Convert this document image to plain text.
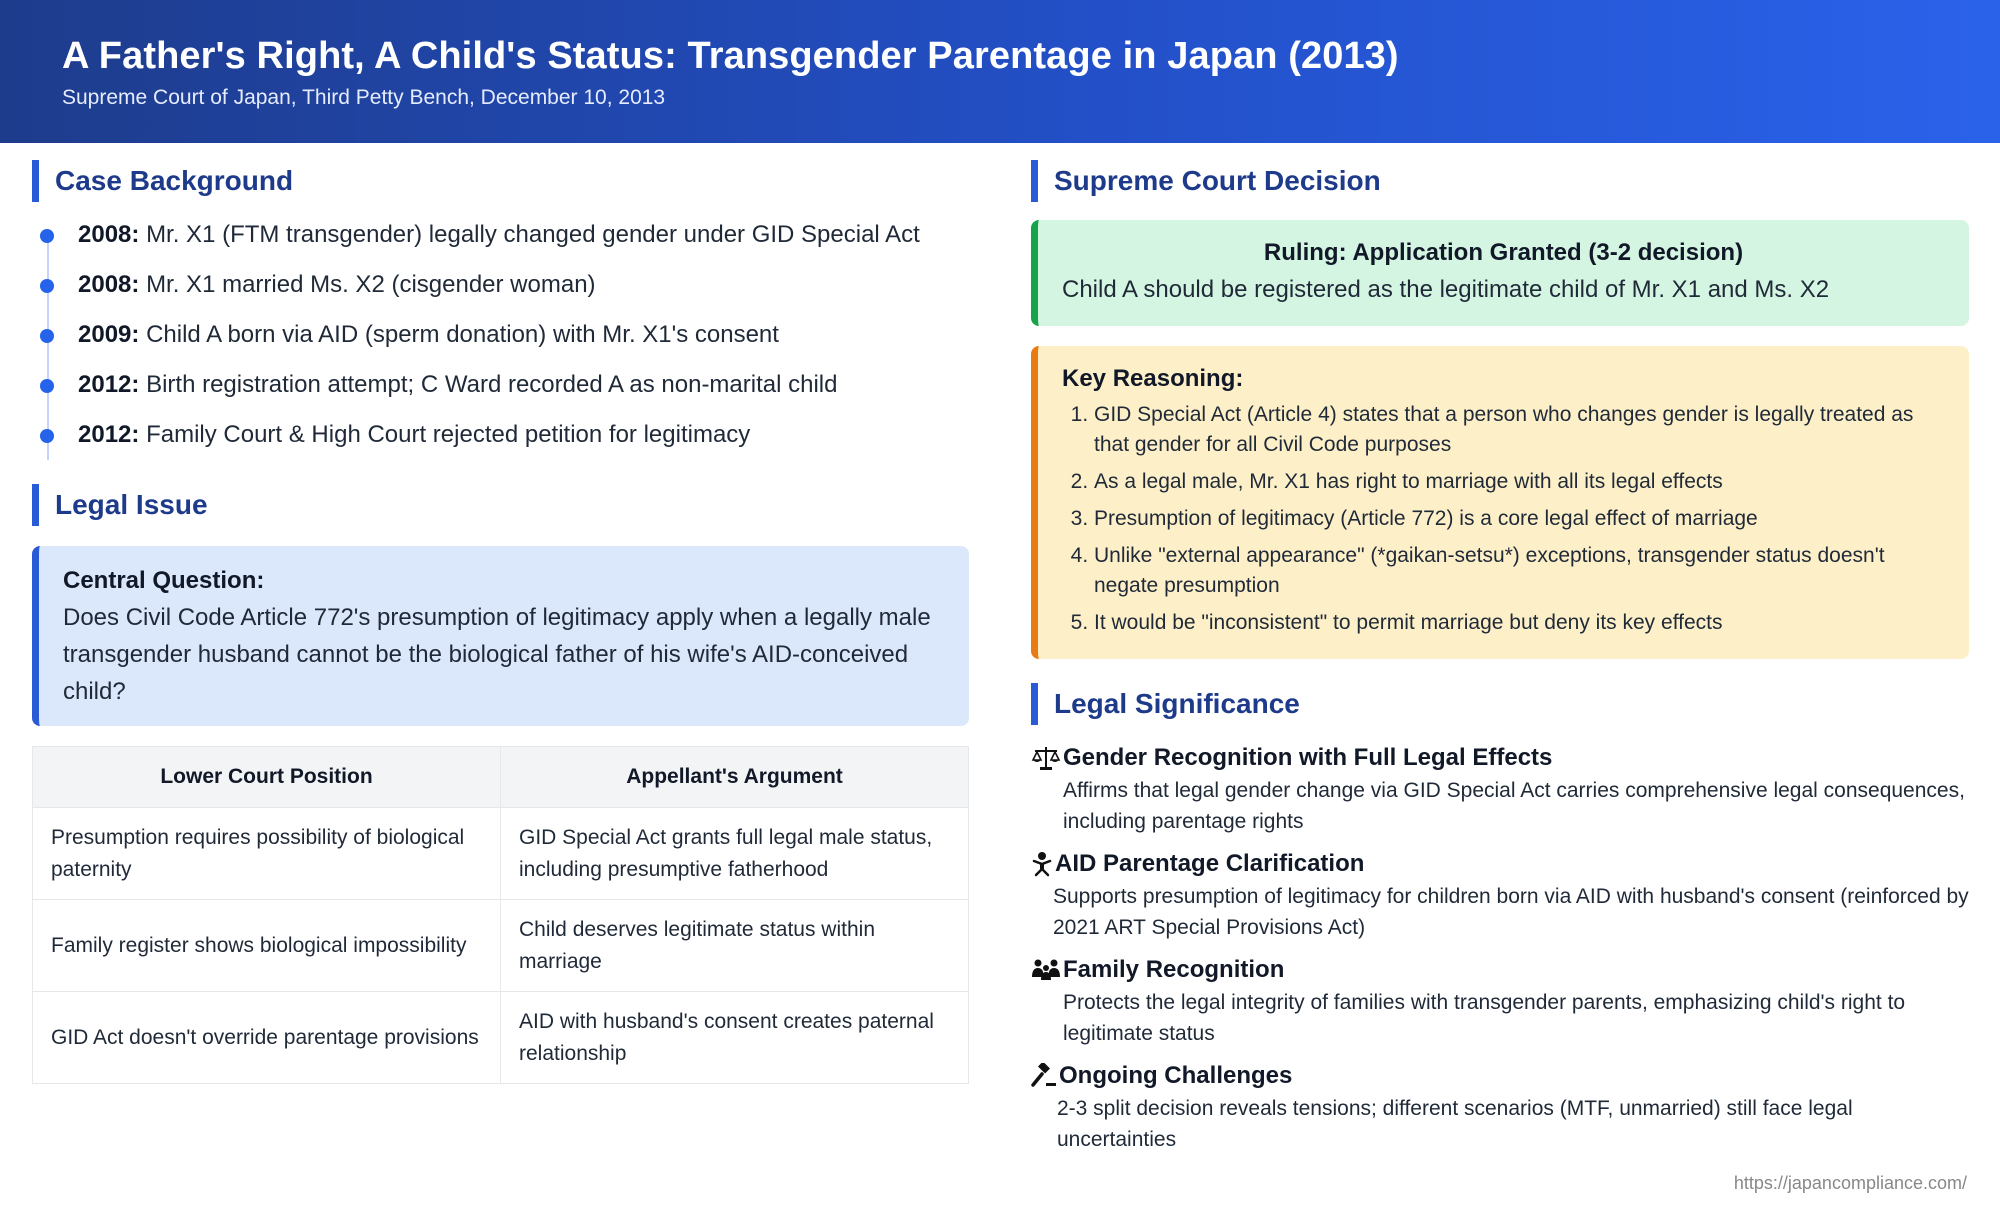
A Father's Right, A Child's Status: Transgender Parentage in Japan (2013)
Supreme Court of Japan, Third Petty Bench, December 10, 2013
Case Background
2008: Mr. X1 (FTM transgender) legally changed gender under GID Special Act
2008: Mr. X1 married Ms. X2 (cisgender woman)
2009: Child A born via AID (sperm donation) with Mr. X1's consent
2012: Birth registration attempt; C Ward recorded A as non-marital child
2012: Family Court & High Court rejected petition for legitimacy
Legal Issue
Central Question:
Does Civil Code Article 772's presumption of legitimacy apply when a legally male transgender husband cannot be the biological father of his wife's AID-conceived child?
Lower Court Position	Appellant's Argument
Presumption requires possibility of biological paternity	GID Special Act grants full legal male status, including presumptive fatherhood
Family register shows biological impossibility	Child deserves legitimate status within marriage
GID Act doesn't override parentage provisions	AID with husband's consent creates paternal relationship
Supreme Court Decision
Ruling: Application Granted (3-2 decision)
Child A should be registered as the legitimate child of Mr. X1 and Ms. X2
Key Reasoning:
1. GID Special Act (Article 4) states that a person who changes gender is legally treated as that gender for all Civil Code purposes
2. As a legal male, Mr. X1 has right to marriage with all its legal effects
3. Presumption of legitimacy (Article 772) is a core legal effect of marriage
4. Unlike "external appearance" (*gaikan-setsu*) exceptions, transgender status doesn't negate presumption
5. It would be "inconsistent" to permit marriage but deny its key effects
Legal Significance
Gender Recognition with Full Legal Effects
Affirms that legal gender change via GID Special Act carries comprehensive legal consequences, including parentage rights
AID Parentage Clarification
Supports presumption of legitimacy for children born via AID with husband's consent (reinforced by 2021 ART Special Provisions Act)
Family Recognition
Protects the legal integrity of families with transgender parents, emphasizing child's right to legitimate status
Ongoing Challenges
2-3 split decision reveals tensions; different scenarios (MTF, unmarried) still face legal uncertainties
https://japancompliance.com/
